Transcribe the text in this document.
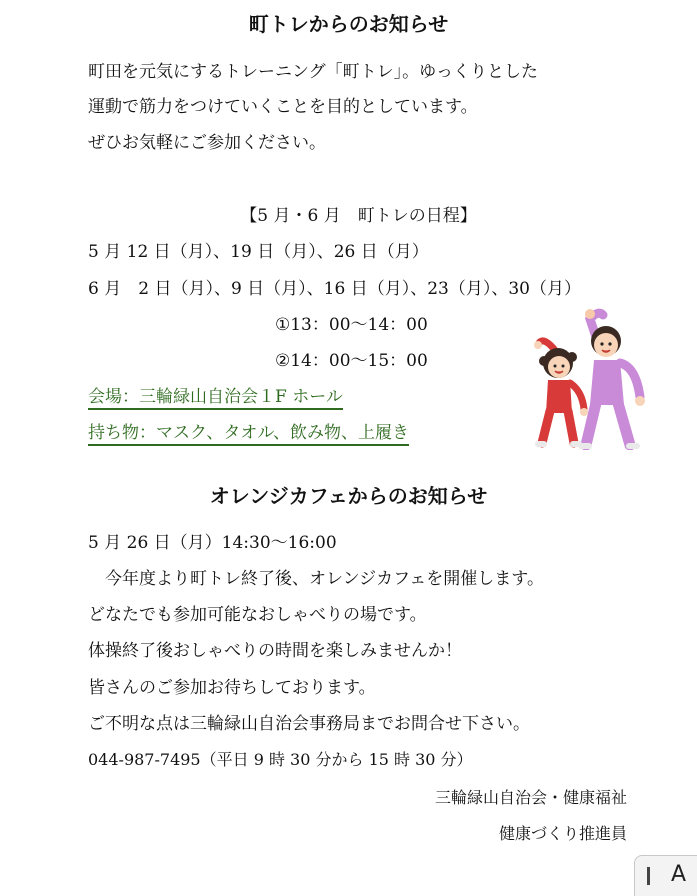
町トレからのお知らせ
町田を元気にするトレーニング「町トレ」。ゆっくりとした
運動で筋力をつけていくことを目的としています。
ぜひお気軽にご参加ください。
【5 月・6 月　町トレの日程】
5 月 12 日（月）、19 日（月）、26 日（月）
6 月　2 日（月）、9 日（月）、16 日（月）、23（月）、30（月）
①13：00～14：00
②14：00～15：00
会場：三輪緑山自治会１F ホール
持ち物：マスク、タオル、飲み物、上履き
オレンジカフェからのお知らせ
5 月 26 日（月）14:30～16:00
　今年度より町トレ終了後、オレンジカフェを開催します。
どなたでも参加可能なおしゃべりの場です。
体操終了後おしゃべりの時間を楽しみませんか！
皆さんのご参加お待ちしております。
ご不明な点は三輪緑山自治会事務局までお問合せ下さい。
044-987-7495（平日 9 時 30 分から 15 時 30 分）
三輪緑山自治会・健康福祉
健康づくり推進員
A
